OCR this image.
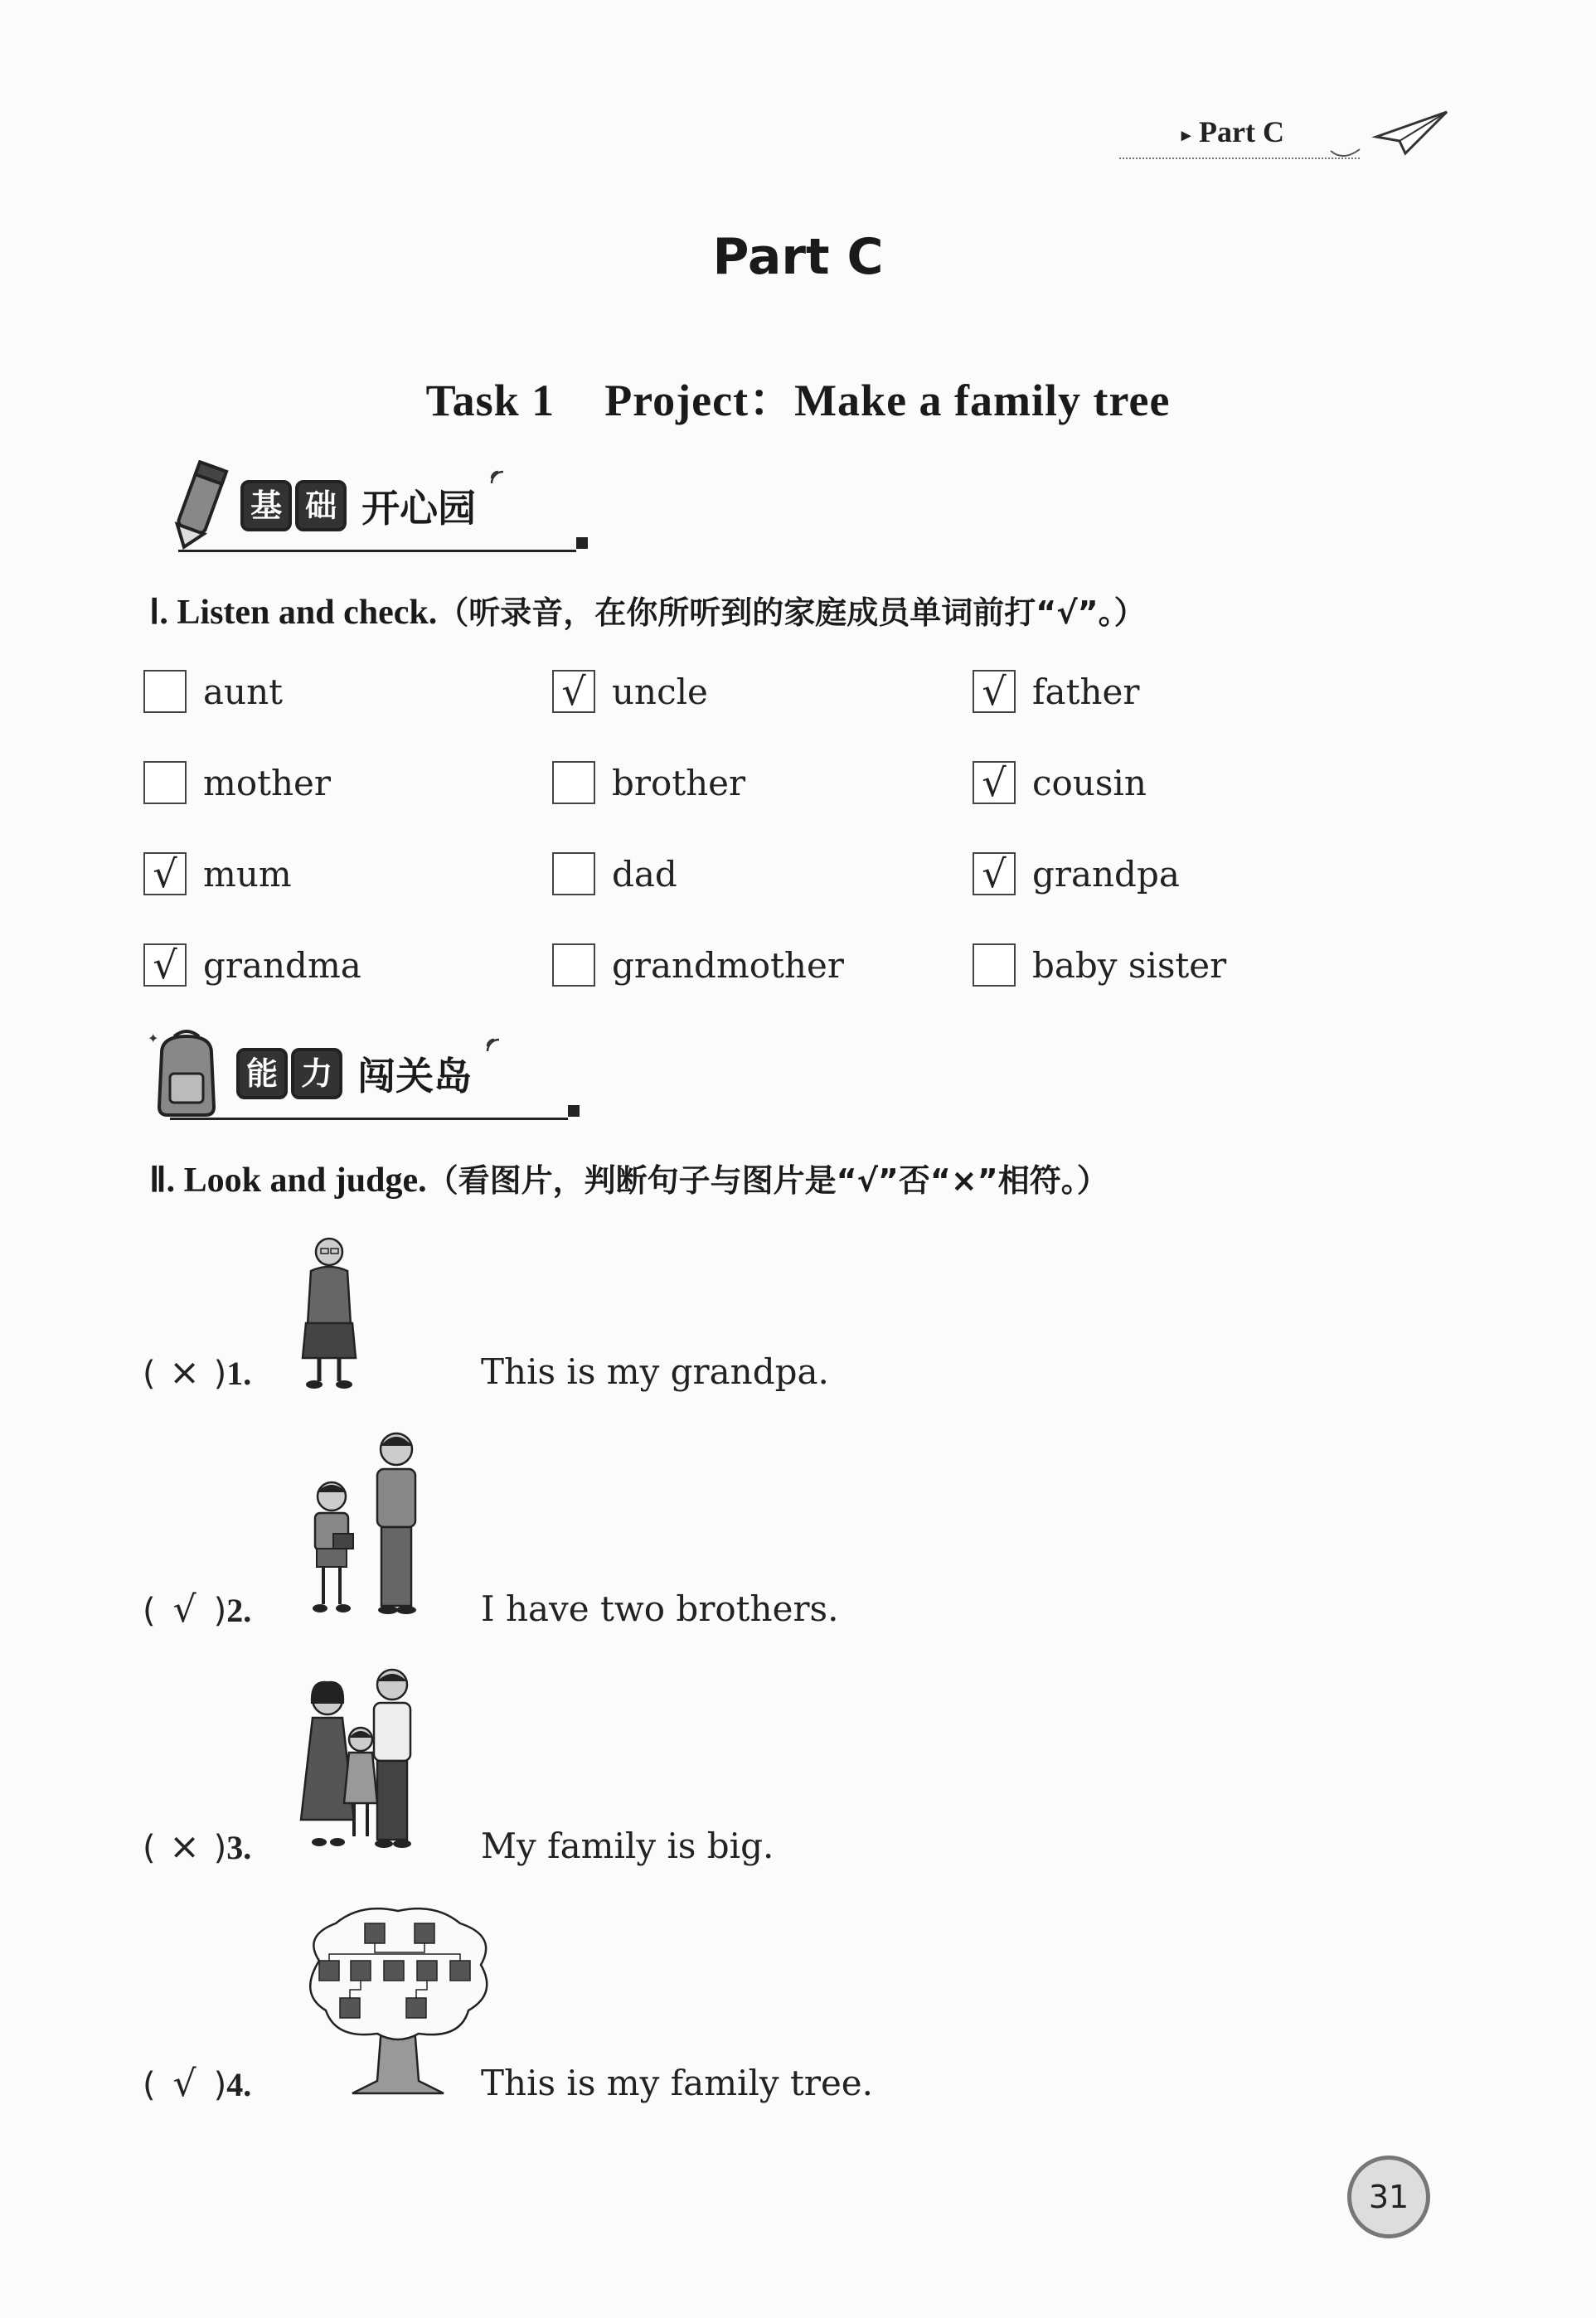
▸ Part C
Part C
Task 1 Project：Make a family tree
基 础 开心园
Ⅰ. Listen and check.（听录音，在你所听到的家庭成员单词前打“√”。）
aunt	√ uncle	√ father
mother	brother	√ cousin
√ mum	dad	√ grandpa
√ grandma	grandmother	baby sister
✦
能 力 闯关岛
Ⅱ. Look and judge.（看图片，判断句子与图片是“√”否“×”相符。）
( × )1.	This is my grandpa.
( √ )2.	I have two brothers.
( × )3.	My family is big.
( √ )4.	This is my family tree.
31
